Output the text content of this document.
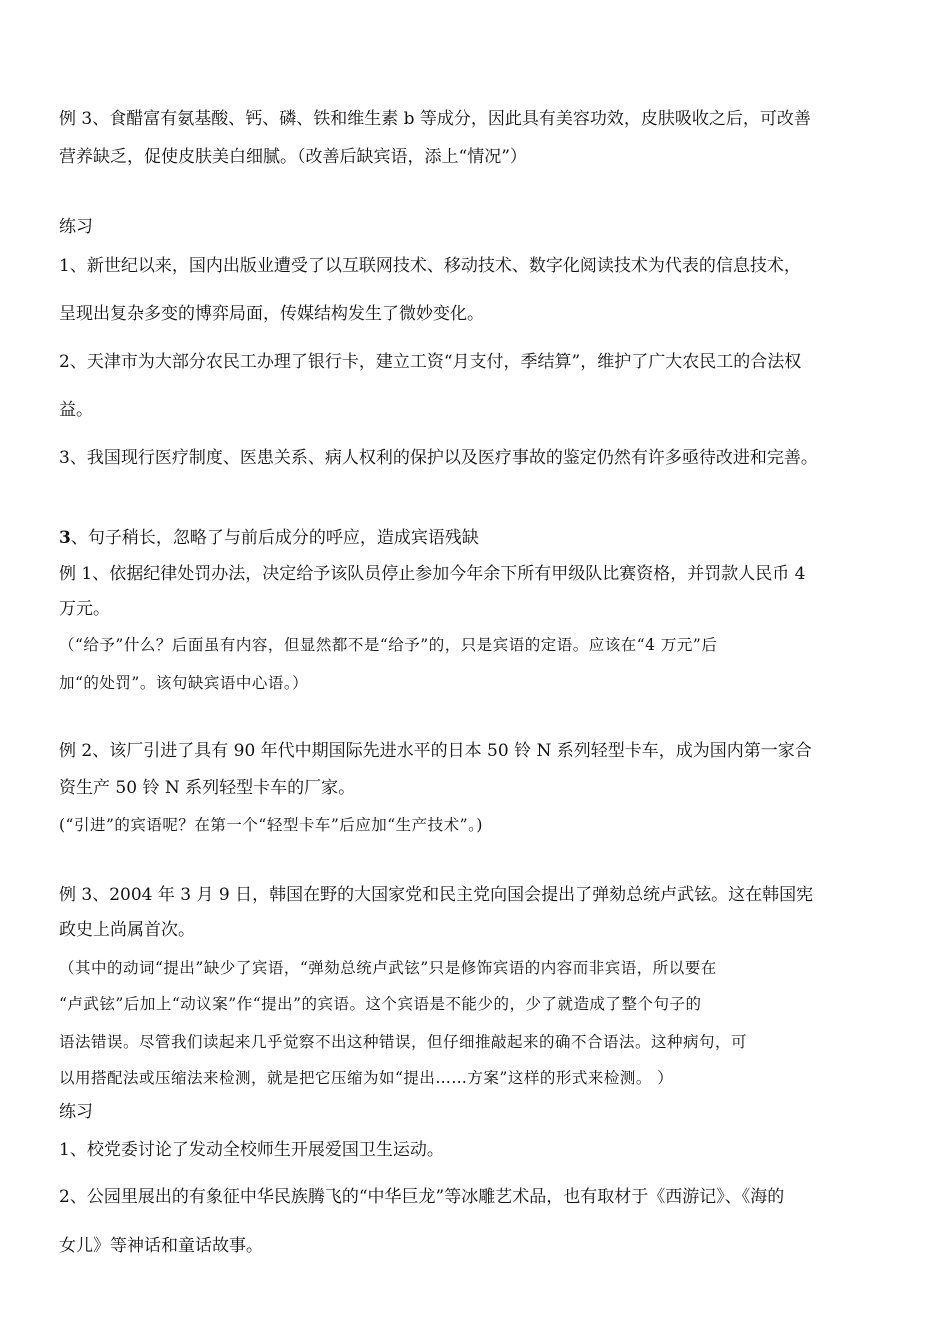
例 3、食醋富有氨基酸、钙、磷、铁和维生素 b 等成分，因此具有美容功效，皮肤吸收之后，可改善
营养缺乏，促使皮肤美白细腻。（改善后缺宾语，添上“情况”）
练习
1、新世纪以来，国内出版业遭受了以互联网技术、移动技术、数字化阅读技术为代表的信息技术，
呈现出复杂多变的博弈局面，传媒结构发生了微妙变化。
2、天津市为大部分农民工办理了银行卡，建立工资“月支付，季结算”，维护了广大农民工的合法权
益。
3、我国现行医疗制度、医患关系、病人权利的保护以及医疗事故的鉴定仍然有许多亟待改进和完善。
3、句子稍长，忽略了与前后成分的呼应，造成宾语残缺
例 1、依据纪律处罚办法，决定给予该队员停止参加今年余下所有甲级队比赛资格，并罚款人民币 4
万元。
（“给予”什么？后面虽有内容，但显然都不是“给予”的，只是宾语的定语。应该在“4 万元”后
加“的处罚”。该句缺宾语中心语。）
例 2、该厂引进了具有 90 年代中期国际先进水平的日本 50 铃 N 系列轻型卡车，成为国内第一家合
资生产 50 铃 N 系列轻型卡车的厂家。
(“引进”的宾语呢？在第一个“轻型卡车”后应加“生产技术”。)
例 3、2004 年 3 月 9 日，韩国在野的大国家党和民主党向国会提出了弹劾总统卢武铉。这在韩国宪
政史上尚属首次。
（其中的动词“提出”缺少了宾语，“弹劾总统卢武铉”只是修饰宾语的内容而非宾语，所以要在
“卢武铉”后加上“动议案”作“提出”的宾语。这个宾语是不能少的，少了就造成了整个句子的
语法错误。尽管我们读起来几乎觉察不出这种错误，但仔细推敲起来的确不合语法。这种病句，可
以用搭配法或压缩法来检测，就是把它压缩为如“提出……方案”这样的形式来检测。 ）
练习
1、校党委讨论了发动全校师生开展爱国卫生运动。
2、公园里展出的有象征中华民族腾飞的“中华巨龙”等冰雕艺术品，也有取材于《西游记》、《海的
女儿》等神话和童话故事。
